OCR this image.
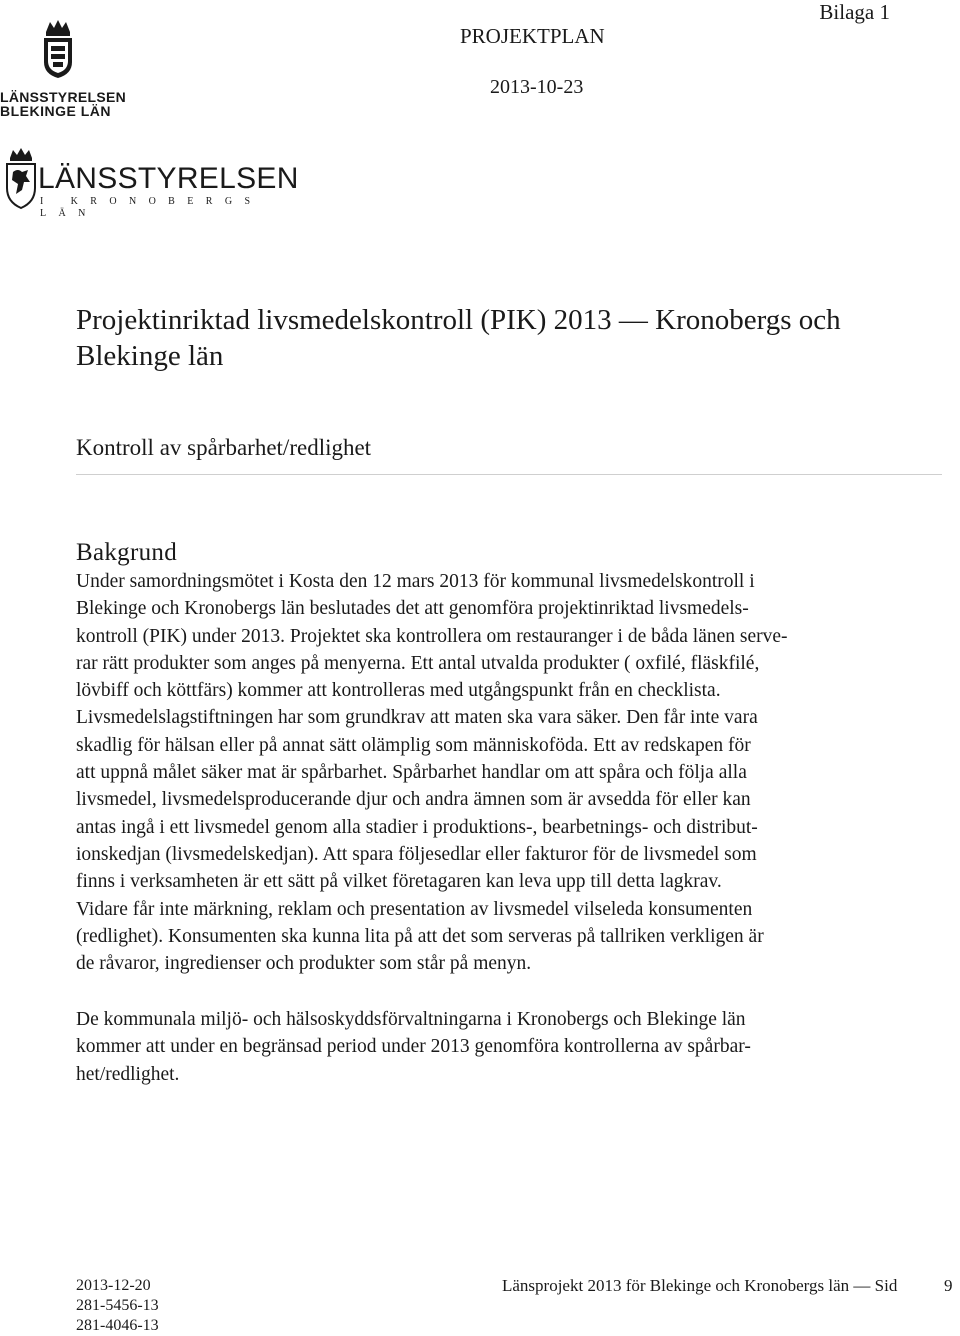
Bilaga 1
PROJEKTPLAN
2013-10-23
LÄNSSTYRELSEN
BLEKINGE LÄN
LÄNSSTYRELSEN
I KRONOBERGS LÄN
Projektinriktad livsmedelskontroll (PIK) 2013 — Kronobergs och
Blekinge län
Kontroll av spårbarhet/redlighet
Bakgrund
Under samordningsmötet i Kosta den 12 mars 2013 för kommunal livsmedelskontroll i
Blekinge och Kronobergs län beslutades det att genomföra projektinriktad livsmedels-
kontroll (PIK) under 2013. Projektet ska kontrollera om restauranger i de båda länen serve-
rar rätt produkter som anges på menyerna. Ett antal utvalda produkter ( oxfilé, fläskfilé,
lövbiff och köttfärs) kommer att kontrolleras med utgångspunkt från en checklista.
Livsmedelslagstiftningen har som grundkrav att maten ska vara säker. Den får inte vara
skadlig för hälsan eller på annat sätt olämplig som människoföda. Ett av redskapen för
att uppnå målet säker mat är spårbarhet. Spårbarhet handlar om att spåra och följa alla
livsmedel, livsmedelsproducerande djur och andra ämnen som är avsedda för eller kan
antas ingå i ett livsmedel genom alla stadier i produktions-, bearbetnings- och distribut-
ionskedjan (livsmedelskedjan). Att spara följesedlar eller fakturor för de livsmedel som
finns i verksamheten är ett sätt på vilket företagaren kan leva upp till detta lagkrav.
Vidare får inte märkning, reklam och presentation av livsmedel vilseleda konsumenten
(redlighet). Konsumenten ska kunna lita på att det som serveras på tallriken verkligen är
de råvaror, ingredienser och produkter som står på menyn.
De kommunala miljö- och hälsoskyddsförvaltningarna i Kronobergs och Blekinge län
kommer att under en begränsad period under 2013 genomföra kontrollerna av spårbar-
het/redlighet.
2013-12-20
281-5456-13
281-4046-13
Länsprojekt 2013 för Blekinge och Kronobergs län — Sid	9
